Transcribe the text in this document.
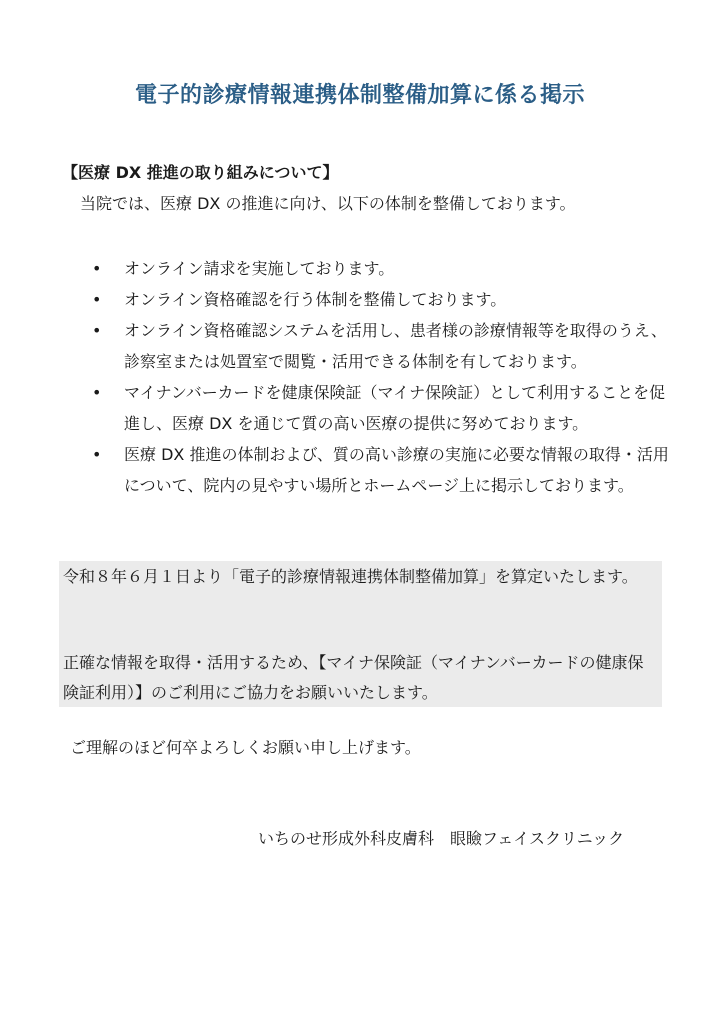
電子的診療情報連携体制整備加算に係る掲示
【医療 DX 推進の取り組みについて】
当院では、医療 DX の推進に向け、以下の体制を整備しております。
• オンライン請求を実施しております。
• オンライン資格確認を行う体制を整備しております。
• オンライン資格確認システムを活用し、患者様の診療情報等を取得のうえ、診察室または処置室で閲覧・活用できる体制を有しております。
• マイナンバーカードを健康保険証（マイナ保険証）として利用することを促進し、医療 DX を通じて質の高い医療の提供に努めております。
• 医療 DX 推進の体制および、質の高い診療の実施に必要な情報の取得・活用について、院内の見やすい場所とホームページ上に掲示しております。

令和８年６月１日より「電子的診療情報連携体制整備加算」を算定いたします。

正確な情報を取得・活用するため、【マイナ保険証（マイナンバーカードの健康保険証利用）】のご利用にご協力をお願いいたします。

ご理解のほど何卒よろしくお願い申し上げます。
いちのせ形成外科皮膚科　眼瞼フェイスクリニック
